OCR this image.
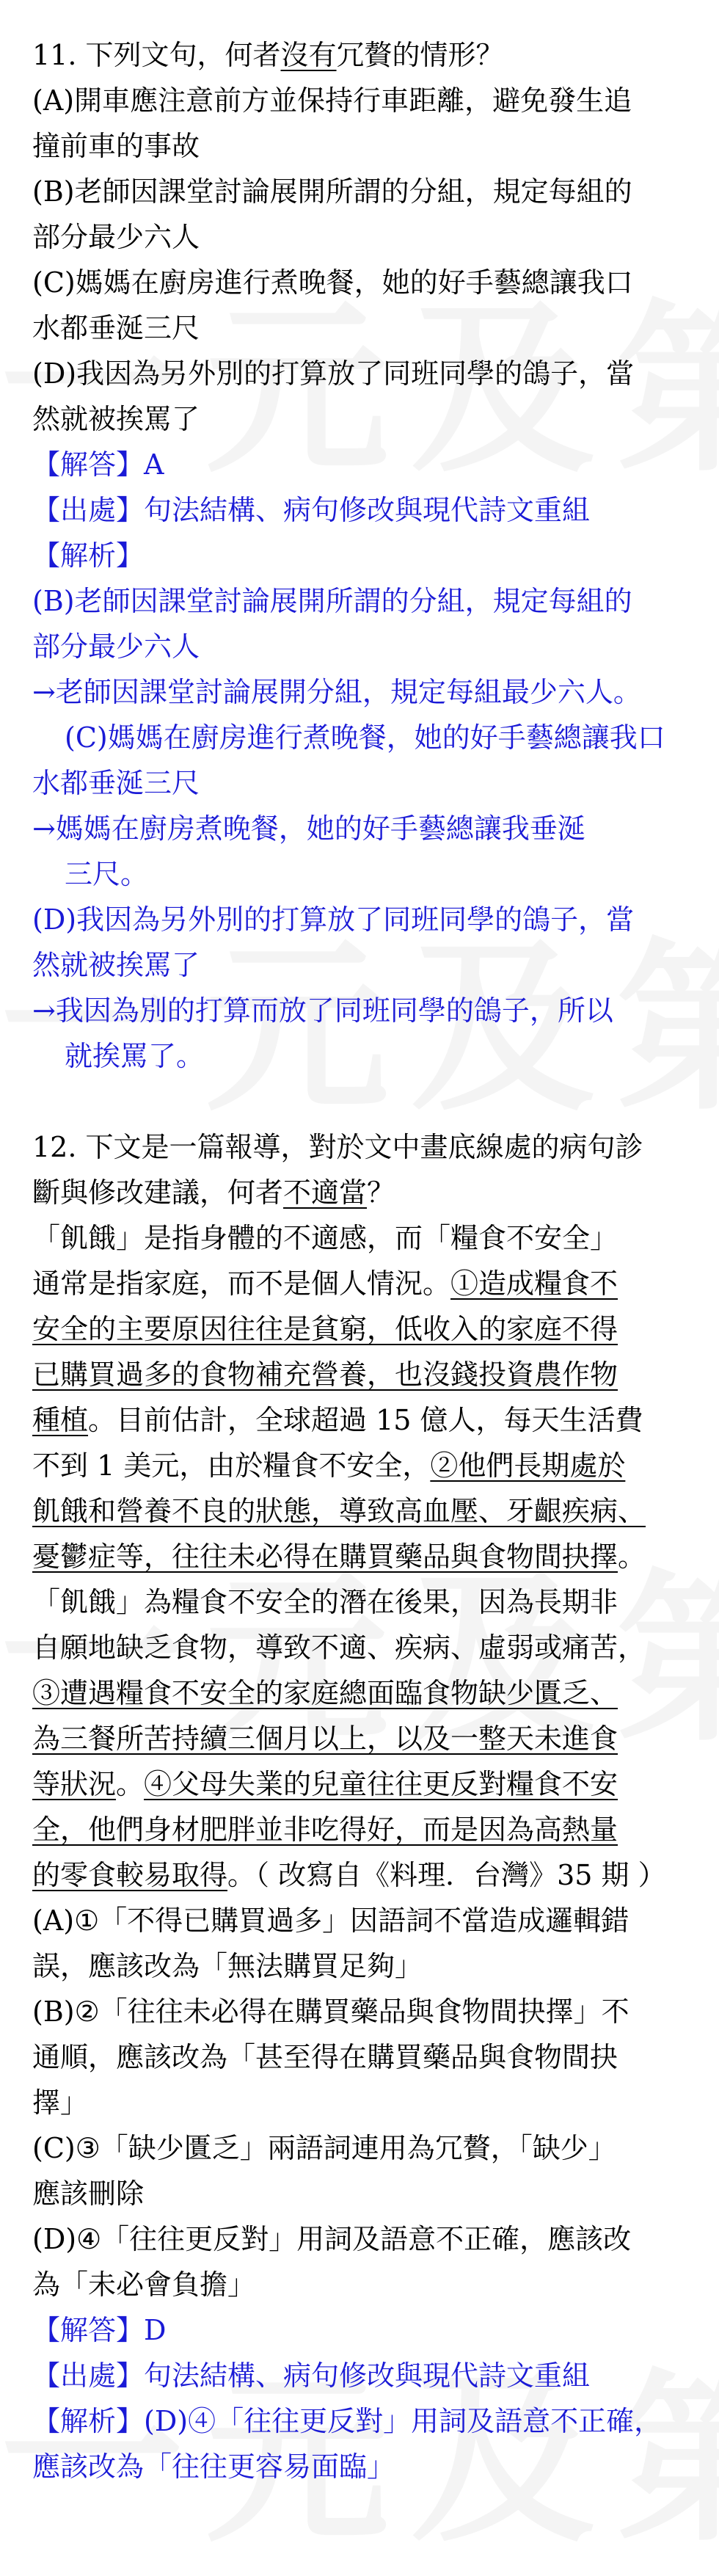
11. 下列文句，何者沒有冗贅的情形？
(A)開車應注意前方並保持行車距離，避免發生追
撞前車的事故
(B)老師因課堂討論展開所謂的分組，規定每組的
部分最少六人
(C)媽媽在廚房進行煮晚餐，她的好手藝總讓我口
水都垂涎三尺
(D)我因為另外別的打算放了同班同學的鴿子，當
然就被挨罵了
【解答】A
【出處】句法結構、病句修改與現代詩文重組
【解析】
(B)老師因課堂討論展開所謂的分組，規定每組的
部分最少六人
→老師因課堂討論展開分組，規定每組最少六人。
(C)媽媽在廚房進行煮晚餐，她的好手藝總讓我口
水都垂涎三尺
→媽媽在廚房煮晚餐，她的好手藝總讓我垂涎
三尺。
(D)我因為另外別的打算放了同班同學的鴿子，當
然就被挨罵了
→我因為別的打算而放了同班同學的鴿子，所以
就挨罵了。
12. 下文是一篇報導，對於文中畫底線處的病句診
斷與修改建議，何者不適當？
「飢餓」是指身體的不適感，而「糧食不安全」
通常是指家庭，而不是個人情況。①造成糧食不
安全的主要原因往往是貧窮，低收入的家庭不得
已購買過多的食物補充營養，也沒錢投資農作物
種植。目前估計，全球超過 15 億人，每天生活費
不到 1 美元，由於糧食不安全，②他們長期處於
飢餓和營養不良的狀態，導致高血壓、牙齦疾病、
憂鬱症等，往往未必得在購買藥品與食物間抉擇。
「飢餓」為糧食不安全的潛在後果，因為長期非
自願地缺乏食物，導致不適、疾病、虛弱或痛苦，
③遭遇糧食不安全的家庭總面臨食物缺少匱乏、
為三餐所苦持續三個月以上，以及一整天未進食
等狀況。④父母失業的兒童往往更反對糧食不安
全，他們身材肥胖並非吃得好，而是因為高熱量
的零食較易取得。（ 改寫自《料理．台灣》35 期 ）
(A)①「不得已購買過多」因語詞不當造成邏輯錯
誤，應該改為「無法購買足夠」
(B)②「往往未必得在購買藥品與食物間抉擇」不
通順，應該改為「甚至得在購買藥品與食物間抉
擇」
(C)③「缺少匱乏」兩語詞連用為冗贅，「缺少」
應該刪除
(D)④「往往更反對」用詞及語意不正確，應該改
為「未必會負擔」
【解答】D
【出處】句法結構、病句修改與現代詩文重組
【解析】(D)④「往往更反對」用詞及語意不正確，
應該改為「往往更容易面臨」
